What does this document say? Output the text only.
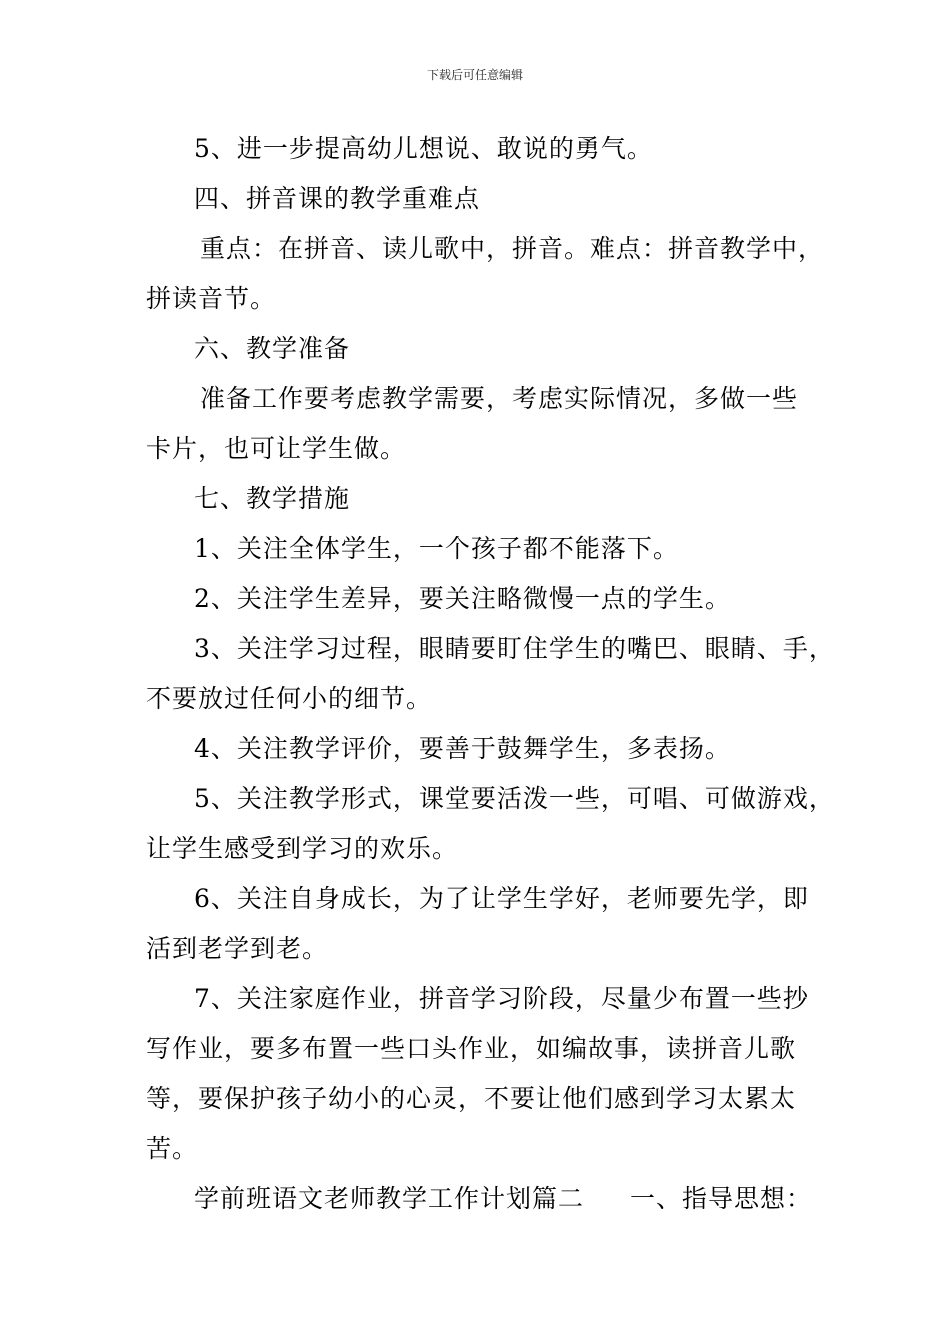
下载后可任意编辑
5、进一步提高幼儿想说、敢说的勇气。
四、拼音课的教学重难点
重点：在拼音、读儿歌中，拼音。难点：拼音教学中，
拼读音节。
六、教学准备
准备工作要考虑教学需要，考虑实际情况，多做一些
卡片，也可让学生做。
七、教学措施
1、关注全体学生，一个孩子都不能落下。
2、关注学生差异，要关注略微慢一点的学生。
3、关注学习过程，眼睛要盯住学生的嘴巴、眼睛、手，
不要放过任何小的细节。
4、关注教学评价，要善于鼓舞学生，多表扬。
5、关注教学形式，课堂要活泼一些，可唱、可做游戏，
让学生感受到学习的欢乐。
6、关注自身成长，为了让学生学好，老师要先学，即
活到老学到老。
7、关注家庭作业，拼音学习阶段，尽量少布置一些抄
写作业，要多布置一些口头作业，如编故事，读拼音儿歌
等，要保护孩子幼小的心灵，不要让他们感到学习太累太
苦。
学前班语文老师教学工作计划篇二 一、指导思想：
